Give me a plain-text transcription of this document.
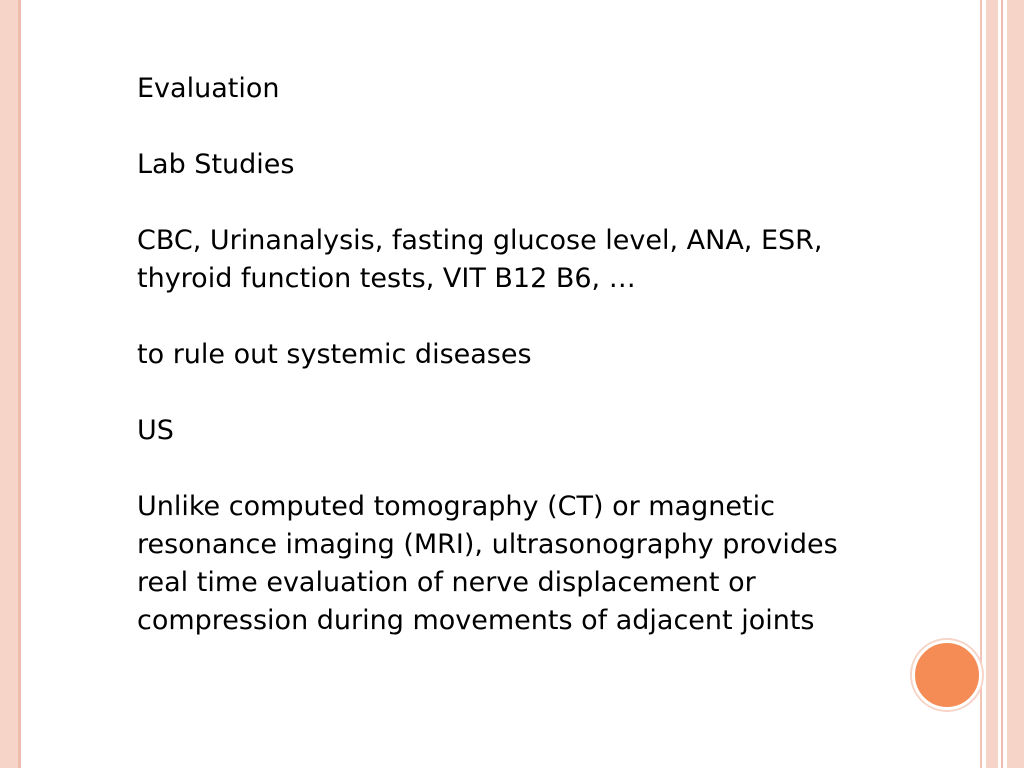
Evaluation

Lab Studies

CBC, Urinanalysis, fasting glucose level, ANA, ESR,

thyroid function tests, VIT B12 B6, …

to rule out systemic diseases

US

Unlike computed tomography (CT) or magnetic

resonance imaging (MRI), ultrasonography provides

real time evaluation of nerve displacement or

compression during movements of adjacent joints
